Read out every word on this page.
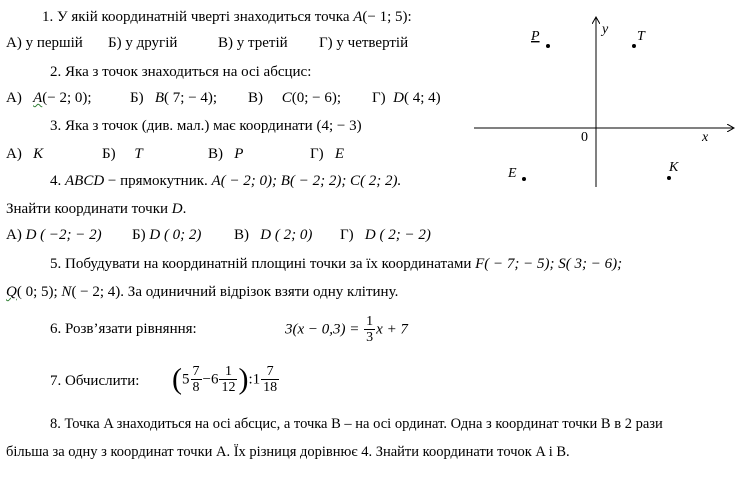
1. У якій координатній чверті знаходиться точка A(− 1; 5):
А) у першій Б) у другій	В) у третій Г) у четвертій
2. Яка з точок знаходиться на осі абсцис:
А) A(− 2; 0);	Б) B( 7; − 4); В) C(0; − 6); Г) D( 4; 4)
3. Яка з точок (див. мал.) має координати (4; − 3)
А) K	Б) T	В) P	Г) E
4. ABCD − прямокутник. A( − 2; 0); B( − 2; 2); C( 2; 2).
Знайти координати точки D.
А) D ( −2; − 2) Б) D ( 0; 2) В) D ( 2; 0) Г) D ( 2; − 2)
5. Побудувати на координатній площині точки за їх координатами F( − 7; − 5); S( 3; − 6);
Q( 0; 5); N( − 2; 4). За одиничний відрізок взяти одну клітину.
6. Розв’язати рівняння:	$3(x - 0,3) = \frac{1}{3}$ x + 7
7. Обчислити: ($5 \frac{7}{8} -6 \frac{1}{12}$ ):1 $\frac{7}{18}$
8. Точка A знаходиться на осі абсцис, а точка B – на осі ординат. Одна з координат точки B в 2 рази
більша за одну з координат точки A. Їх різниця дорівнює 4. Знайти координати точок A і B.
y
x
0
P	T
E	K
